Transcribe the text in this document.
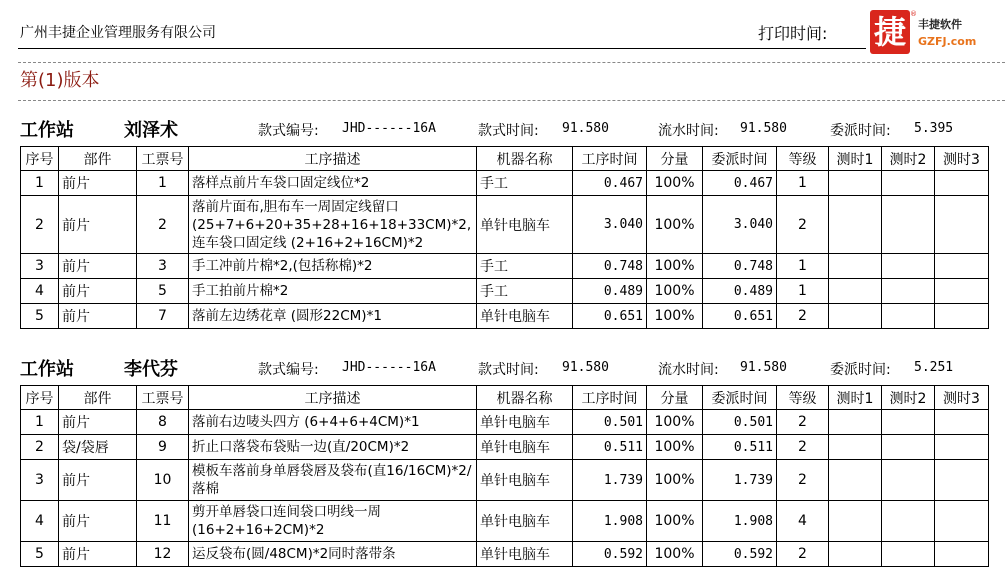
广州丰捷企业管理服务有限公司	打印时间: 捷 ®
丰捷软件
GZFJ.com
第(1)版本
工作站	刘泽术	款式编号: JHD------16A	款式时间: 91.580	流水时间: 91.580	委派时间: 5.395
序号	部件	工票号	工序描述	机器名称	工序时间	分量	委派时间	等级	测时1	测时2	测时3
1	前片	1	落样点前片车袋口固定线位*2	手工	0.467	100%	0.467	1			
2	前片	2	落前片面布,胆布车一周固定线留口(25+7+6+20+35+28+16+18+33CM)*2,连车袋口固定线 (2+16+2+16CM)*2	单针电脑车	3.040	100%	3.040	2			
3	前片	3	手工冲前片棉*2,(包括称棉)*2	手工	0.748	100%	0.748	1			
4	前片	5	手工拍前片棉*2	手工	0.489	100%	0.489	1			
5	前片	7	落前左边绣花章 (圆形22CM)*1	单针电脑车	0.651	100%	0.651	2			
工作站	李代芬	款式编号: JHD------16A	款式时间: 91.580	流水时间: 91.580	委派时间: 5.251
序号	部件	工票号	工序描述	机器名称	工序时间	分量	委派时间	等级	测时1	测时2	测时3
1	前片	8	落前右边唛头四方 (6+4+6+4CM)*1	单针电脑车	0.501	100%	0.501	2			
2	袋/袋唇	9	折止口落袋布袋贴一边(直/20CM)*2	单针电脑车	0.511	100%	0.511	2			
3	前片	10	模板车落前身单唇袋唇及袋布(直16/16CM)*2/落棉	单针电脑车	1.739	100%	1.739	2			
4	前片	11	剪开单唇袋口连间袋口明线一周(16+2+16+2CM)*2	单针电脑车	1.908	100%	1.908	4			
5	前片	12	运反袋布(圆/48CM)*2同时落带条	单针电脑车	0.592	100%	0.592	2			
